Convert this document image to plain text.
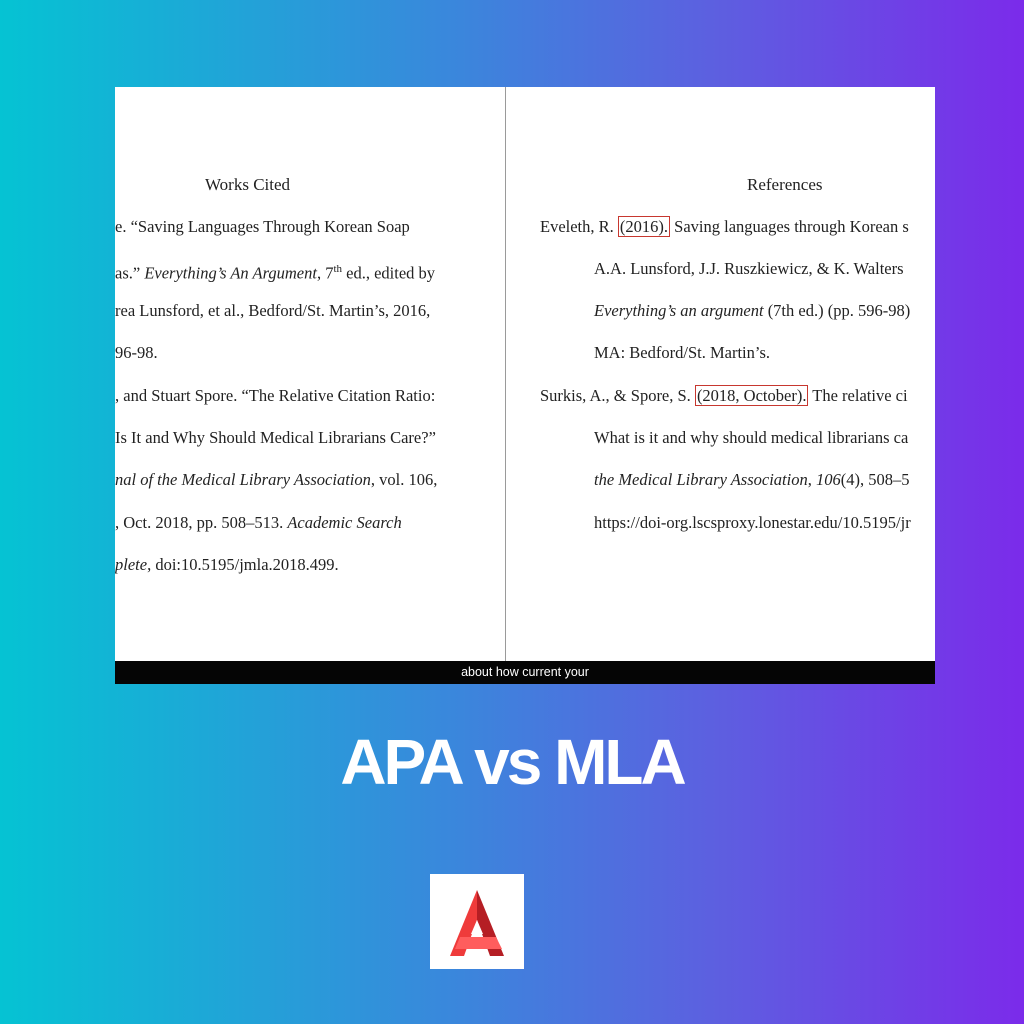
Works Cited
e. “Saving Languages Through Korean Soap
as.” Everything’s An Argument, 7th ed., edited by
rea Lunsford, et al., Bedford/St. Martin’s, 2016,
96-98.
, and Stuart Spore. “The Relative Citation Ratio:
Is It and Why Should Medical Librarians Care?”
nal of the Medical Library Association, vol. 106,
, Oct. 2018, pp. 508–513. Academic Search
plete, doi:10.5195/jmla.2018.499.
References
Eveleth, R. (2016). Saving languages through Korean s
A.A. Lunsford, J.J. Ruszkiewicz, & K. Walters
Everything’s an argument (7th ed.) (pp. 596-98)
MA: Bedford/St. Martin’s.
Surkis, A., & Spore, S. (2018, October). The relative ci
What is it and why should medical librarians ca
the Medical Library Association, 106(4), 508–5
https://doi-org.lscsproxy.lonestar.edu/10.5195/jr
about how current your
APA vs MLA
